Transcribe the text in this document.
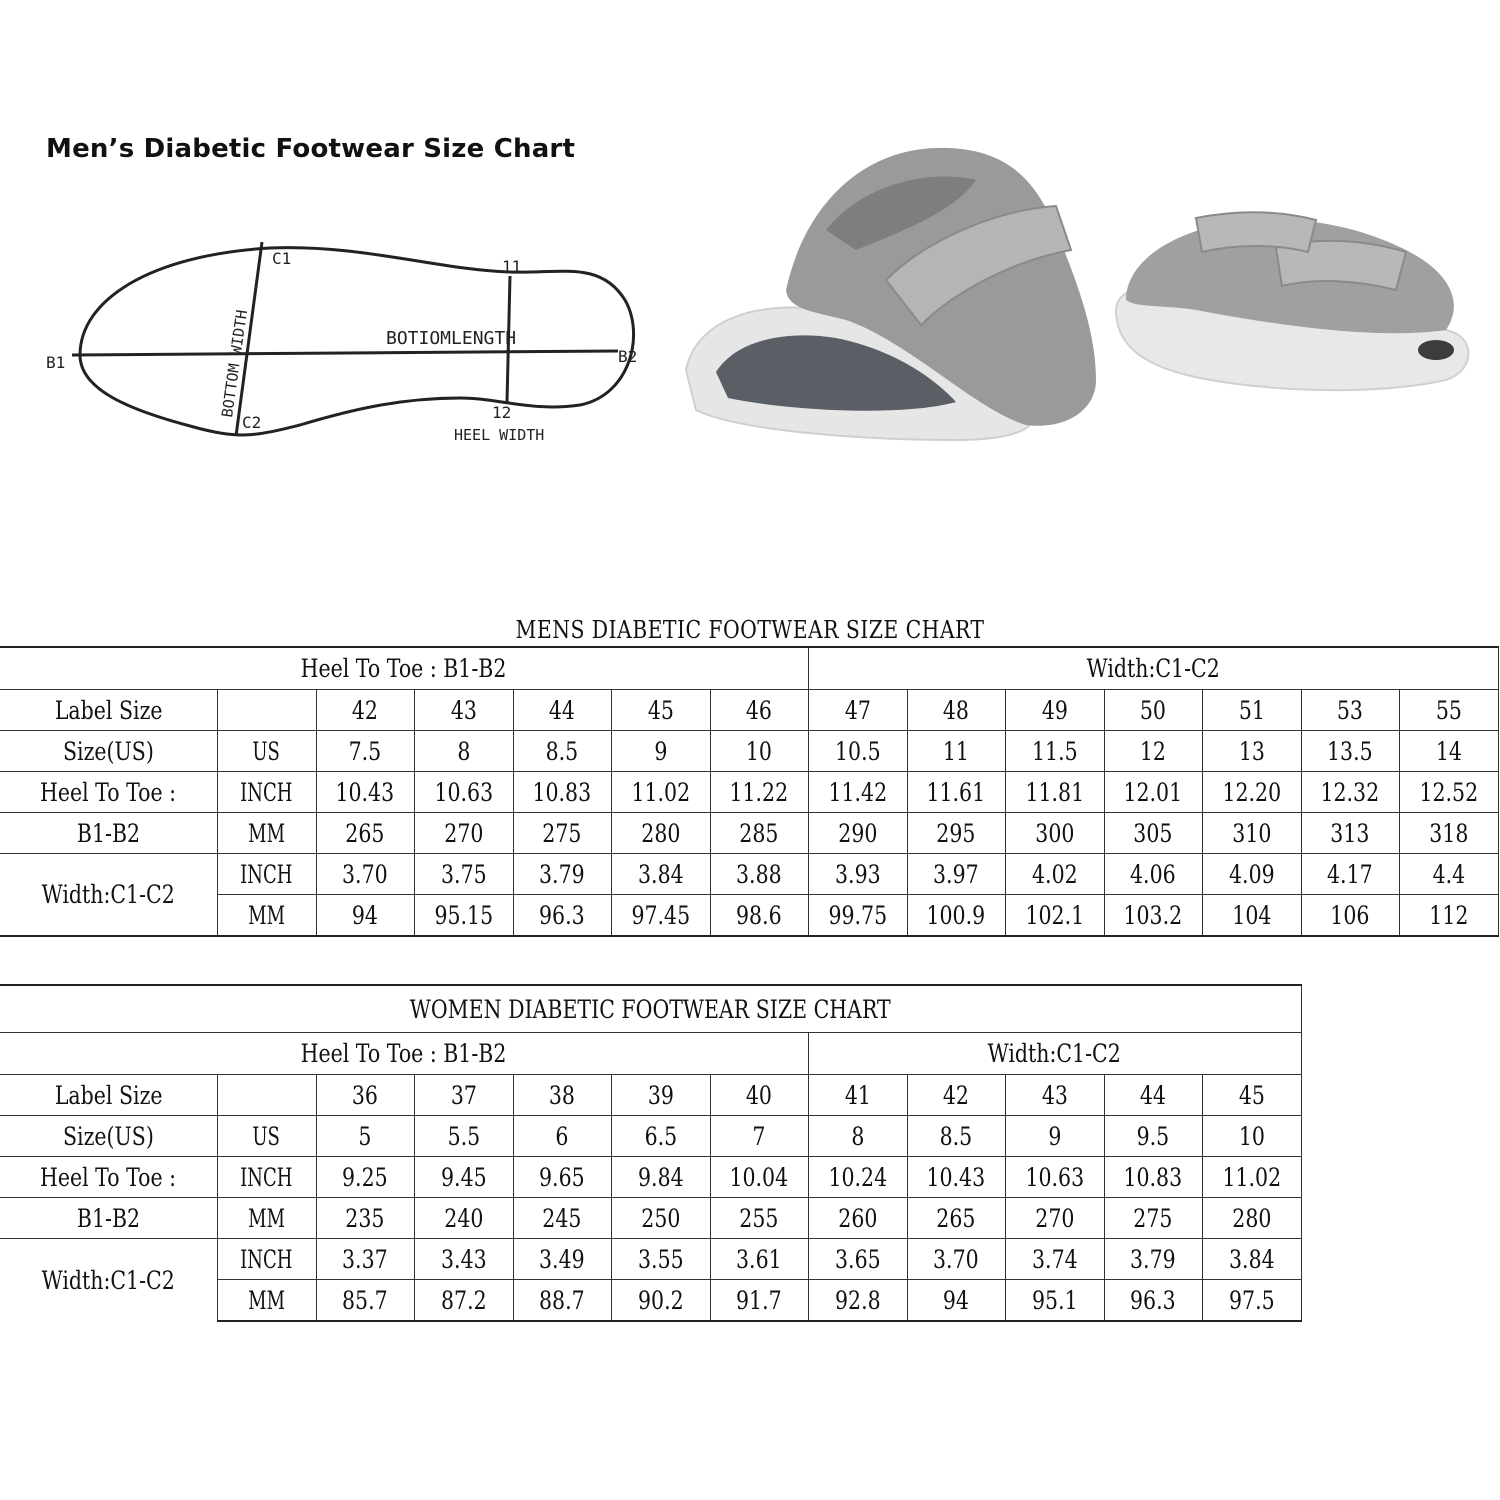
Men’s Diabetic Footwear Size Chart
C1
C2
11
12
B1	B2
BOTIOMLENGTH
BOTTOM WIDTH
HEEL WIDTH
MENS DIABETIC FOOTWEAR SIZE CHART
Heel To Toe : B1-B2							Width:C1-C2						
Label Size		42	43	44	45	46	47	48	49	50	51	53	55
Size(US)	US	7.5	8	8.5	9	10	10.5	11	11.5	12	13	13.5	14
Heel To Toe :	INCH	10.43	10.63	10.83	11.02	11.22	11.42	11.61	11.81	12.01	12.20	12.32	12.52
B1-B2	MM	265	270	275	280	285	290	295	300	305	310	313	318
Width:C1-C2	INCH	3.70	3.75	3.79	3.84	3.88	3.93	3.97	4.02	4.06	4.09	4.17	4.4
	MM	94	95.15	96.3	97.45	98.6	99.75	100.9	102.1	103.2	104	106	112
WOMEN DIABETIC FOOTWEAR SIZE CHART											
Heel To Toe : B1-B2							Width:C1-C2				
Label Size		36	37	38	39	40	41	42	43	44	45
Size(US)	US	5	5.5	6	6.5	7	8	8.5	9	9.5	10
Heel To Toe :	INCH	9.25	9.45	9.65	9.84	10.04	10.24	10.43	10.63	10.83	11.02
B1-B2	MM	235	240	245	250	255	260	265	270	275	280
Width:C1-C2	INCH	3.37	3.43	3.49	3.55	3.61	3.65	3.70	3.74	3.79	3.84
	MM	85.7	87.2	88.7	90.2	91.7	92.8	94	95.1	96.3	97.5
